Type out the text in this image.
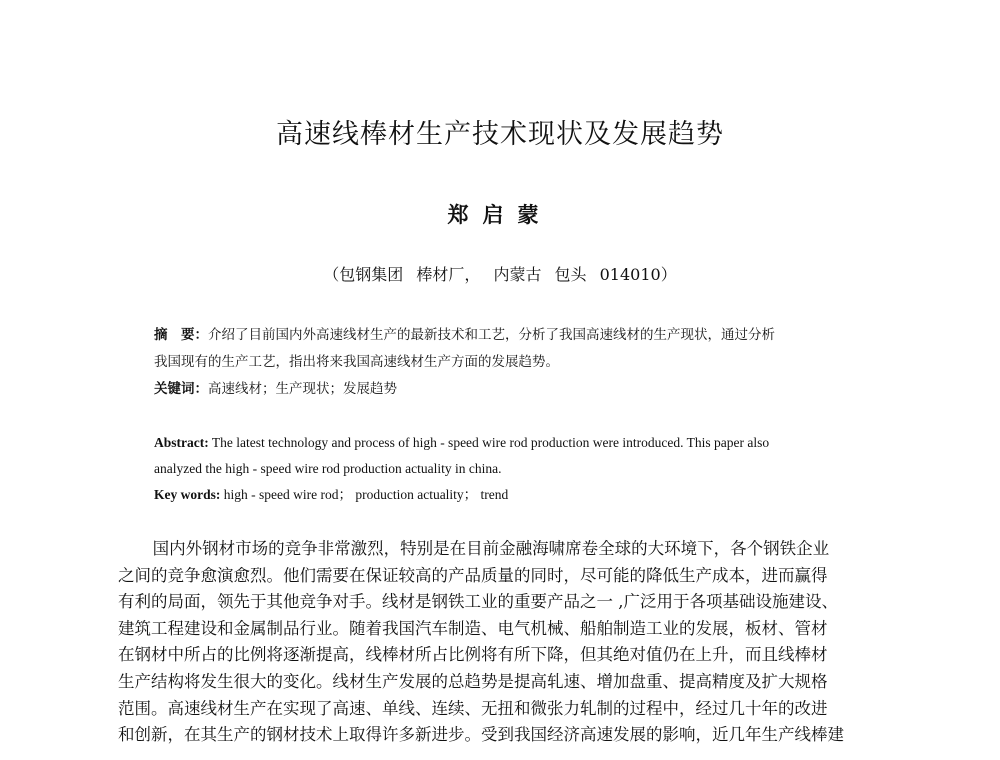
高速线棒材生产技术现状及发展趋势
郑启蒙
（包钢集团 棒材厂， 内蒙古 包头 014010）
摘　要：介绍了目前国内外高速线材生产的最新技术和工艺，分析了我国高速线材的生产现状，通过分析
我国现有的生产工艺，指出将来我国高速线材生产方面的发展趋势。
关键词：高速线材；生产现状；发展趋势
Abstract: The latest technology and process of high - speed wire rod production were introduced. This paper also
analyzed the high - speed wire rod production actuality in china.
Key words: high - speed wire rod； production actuality； trend
国内外钢材市场的竞争非常激烈，特别是在目前金融海啸席卷全球的大环境下，各个钢铁企业
之间的竞争愈演愈烈。他们需要在保证较高的产品质量的同时，尽可能的降低生产成本，进而赢得
有利的局面，领先于其他竞争对手。线材是钢铁工业的重要产品之一 ,广泛用于各项基础设施建设、
建筑工程建设和金属制品行业。随着我国汽车制造、电气机械、船舶制造工业的发展，板材、管材
在钢材中所占的比例将逐渐提高，线棒材所占比例将有所下降，但其绝对值仍在上升，而且线棒材
生产结构将发生很大的变化。线材生产发展的总趋势是提高轧速、增加盘重、提高精度及扩大规格
范围。高速线材生产在实现了高速、单线、连续、无扭和微张力轧制的过程中，经过几十年的改进
和创新，在其生产的钢材技术上取得许多新进步。受到我国经济高速发展的影响，近几年生产线棒建
